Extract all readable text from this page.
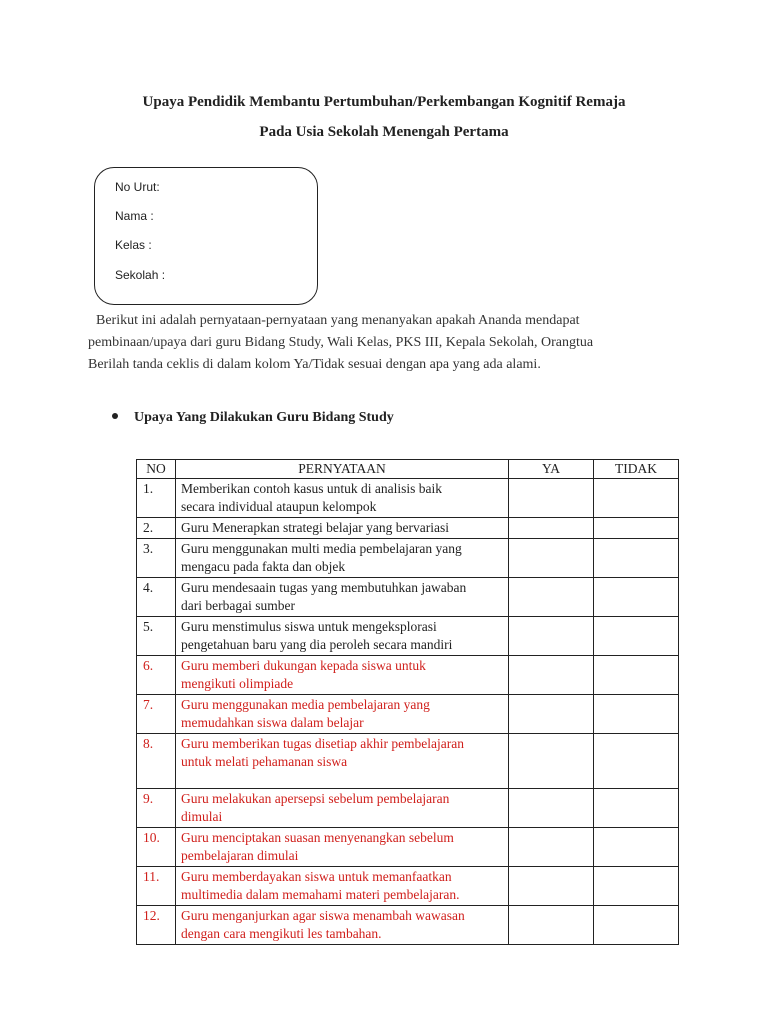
Upaya Pendidik Membantu Pertumbuhan/Perkembangan Kognitif Remaja
Pada Usia Sekolah Menengah Pertama
No Urut:
Nama :
Kelas :
Sekolah :
Berikut ini adalah pernyataan-pernyataan yang menanyakan apakah Ananda mendapat
pembinaan/upaya dari guru Bidang Study, Wali Kelas, PKS III, Kepala Sekolah, Orangtua
Berilah tanda ceklis di dalam kolom Ya/Tidak sesuai dengan apa yang ada alami.
Upaya Yang Dilakukan Guru Bidang Study
NO	PERNYATAAN	YA	TIDAK
1.	Memberikan contoh kasus untuk di analisis baik
secara individual ataupun kelompok		

2.	Guru Menerapkan strategi belajar yang bervariasi		

3.	Guru menggunakan multi media pembelajaran yang
mengacu pada fakta dan objek		

4.	Guru mendesaain tugas yang membutuhkan jawaban
dari berbagai sumber		

5.	Guru menstimulus siswa untuk mengeksplorasi
pengetahuan baru yang dia peroleh secara mandiri		

6.	Guru memberi dukungan kepada siswa untuk
mengikuti olimpiade		

7.	Guru menggunakan media pembelajaran yang
memudahkan siswa dalam belajar		

8.	Guru memberikan tugas disetiap akhir pembelajaran
untuk melati pehamanan siswa		

9.	Guru melakukan apersepsi sebelum pembelajaran
dimulai		

10.	Guru menciptakan suasan menyenangkan sebelum
pembelajaran dimulai		

11.	Guru memberdayakan siswa untuk memanfaatkan
multimedia dalam memahami materi pembelajaran.		

12.	Guru menganjurkan agar siswa menambah wawasan
dengan cara mengikuti les tambahan.		
